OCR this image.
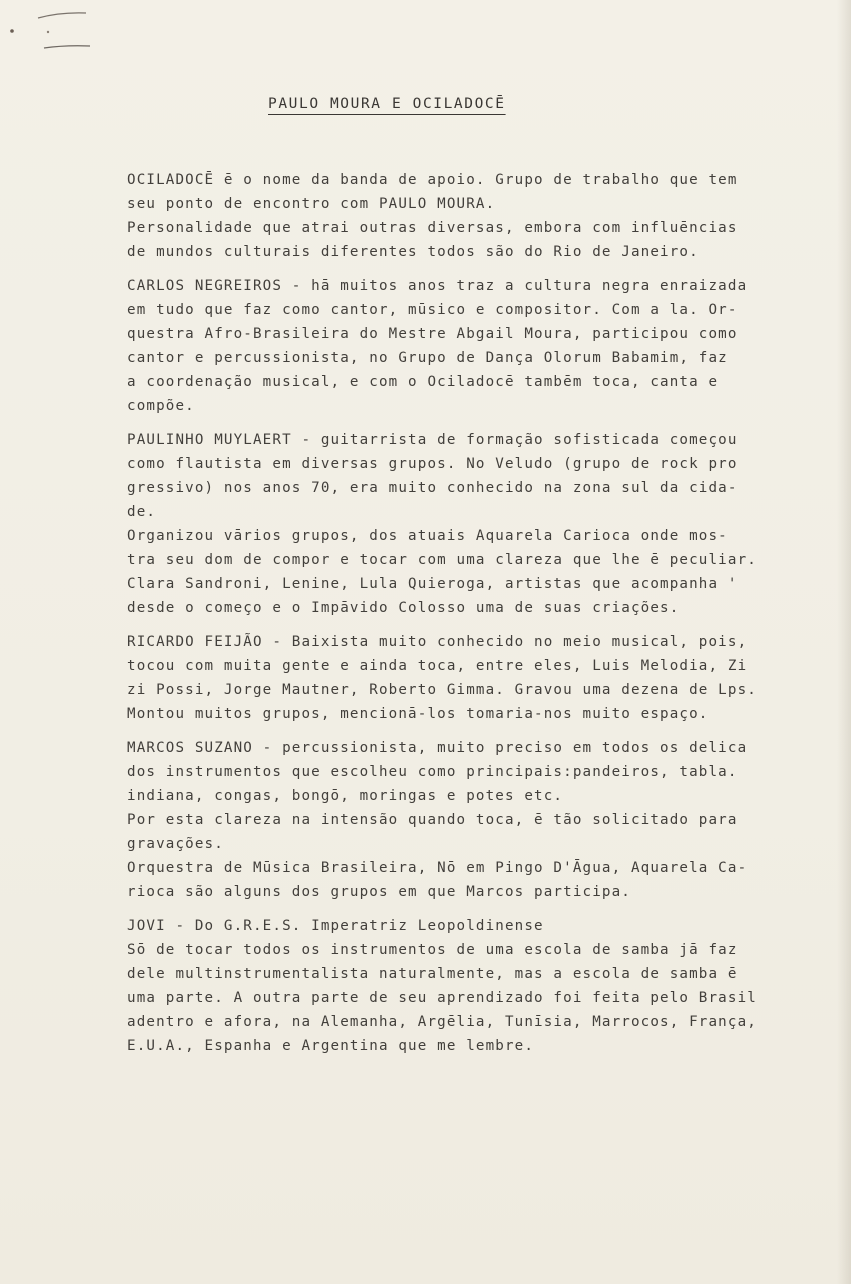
PAULO MOURA E OCILADOCĒ
OCILADOCĒ ē o nome da banda de apoio. Grupo de trabalho que tem
seu ponto de encontro com PAULO MOURA.
Personalidade que atrai outras diversas, embora com influēncias
de mundos culturais diferentes todos são do Rio de Janeiro.
CARLOS NEGREIROS - hā muitos anos traz a cultura negra enraizada
em tudo que faz como cantor, mūsico e compositor. Com a la. Or-
questra Afro-Brasileira do Mestre Abgail Moura, participou como
cantor e percussionista, no Grupo de Dança Olorum Babamim, faz
a coordenação musical, e com o Ociladocē tambēm toca, canta e
compõe.
PAULINHO MUYLAERT - guitarrista de formação sofisticada começou
como flautista em diversas grupos. No Veludo (grupo de rock pro
gressivo) nos anos 70, era muito conhecido na zona sul da cida-
de.
Organizou vārios grupos, dos atuais Aquarela Carioca onde mos-
tra seu dom de compor e tocar com uma clareza que lhe ē peculiar.
Clara Sandroni, Lenine, Lula Quieroga, artistas que acompanha '
desde o começo e o Impāvido Colosso uma de suas criações.
RICARDO FEIJÃO - Baixista muito conhecido no meio musical, pois,
tocou com muita gente e ainda toca, entre eles, Luis Melodia, Zi
zi Possi, Jorge Mautner, Roberto Gimma. Gravou uma dezena de Lps.
Montou muitos grupos, mencionā-los tomaria-nos muito espaço.
MARCOS SUZANO - percussionista, muito preciso em todos os delica
dos instrumentos que escolheu como principais:pandeiros, tabla.
indiana, congas, bongō, moringas e potes etc.
Por esta clareza na intensão quando toca, ē tão solicitado para
gravações.
Orquestra de Mūsica Brasileira, Nō em Pingo D'Āgua, Aquarela Ca-
rioca são alguns dos grupos em que Marcos participa.
JOVI - Do G.R.E.S. Imperatriz Leopoldinense
Sō de tocar todos os instrumentos de uma escola de samba jā faz
dele multinstrumentalista naturalmente, mas a escola de samba ē
uma parte. A outra parte de seu aprendizado foi feita pelo Brasil
adentro e afora, na Alemanha, Argēlia, Tunīsia, Marrocos, França,
E.U.A., Espanha e Argentina que me lembre.
